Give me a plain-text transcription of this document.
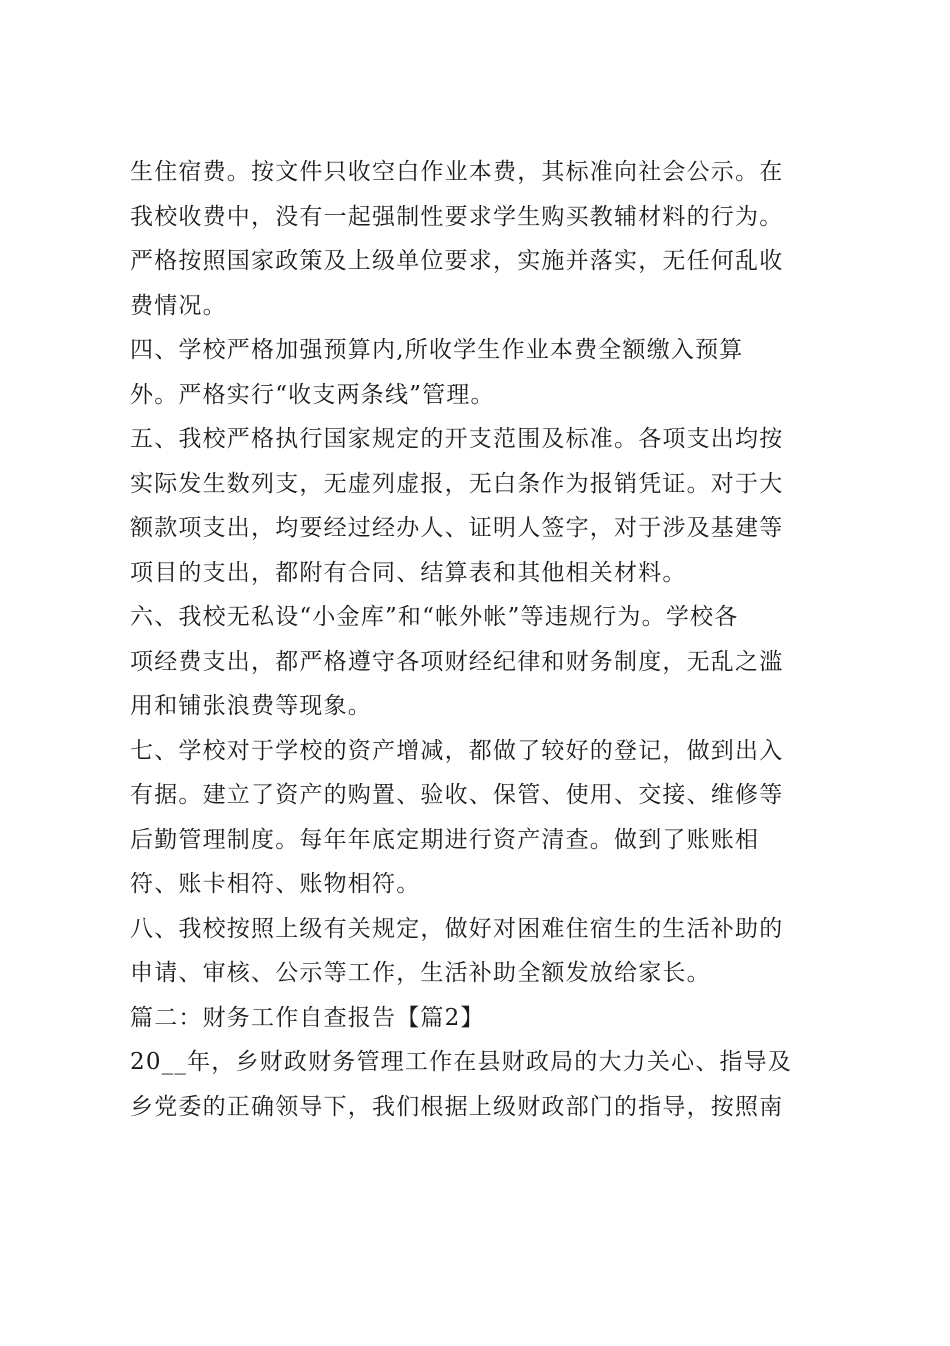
生住宿费。按文件只收空白作业本费，其标准向社会公示。在
我校收费中，没有一起强制性要求学生购买教辅材料的行为。
严格按照国家政策及上级单位要求，实施并落实，无任何乱收
费情况。
四、学校严格加强预算内,所收学生作业本费全额缴入预算
外。严格实行“收支两条线”管理。
五、我校严格执行国家规定的开支范围及标准。各项支出均按
实际发生数列支，无虚列虚报，无白条作为报销凭证。对于大
额款项支出，均要经过经办人、证明人签字，对于涉及基建等
项目的支出，都附有合同、结算表和其他相关材料。
六、我校无私设“小金库”和“帐外帐”等违规行为。学校各
项经费支出，都严格遵守各项财经纪律和财务制度，无乱之滥
用和铺张浪费等现象。
七、学校对于学校的资产增减，都做了较好的登记，做到出入
有据。建立了资产的购置、验收、保管、使用、交接、维修等
后勤管理制度。每年年底定期进行资产清查。做到了账账相
符、账卡相符、账物相符。
八、我校按照上级有关规定，做好对困难住宿生的生活补助的
申请、审核、公示等工作，生活补助全额发放给家长。
篇二：财务工作自查报告【篇2】
20__年，乡财政财务管理工作在县财政局的大力关心、指导及
乡党委的正确领导下，我们根据上级财政部门的指导，按照南
